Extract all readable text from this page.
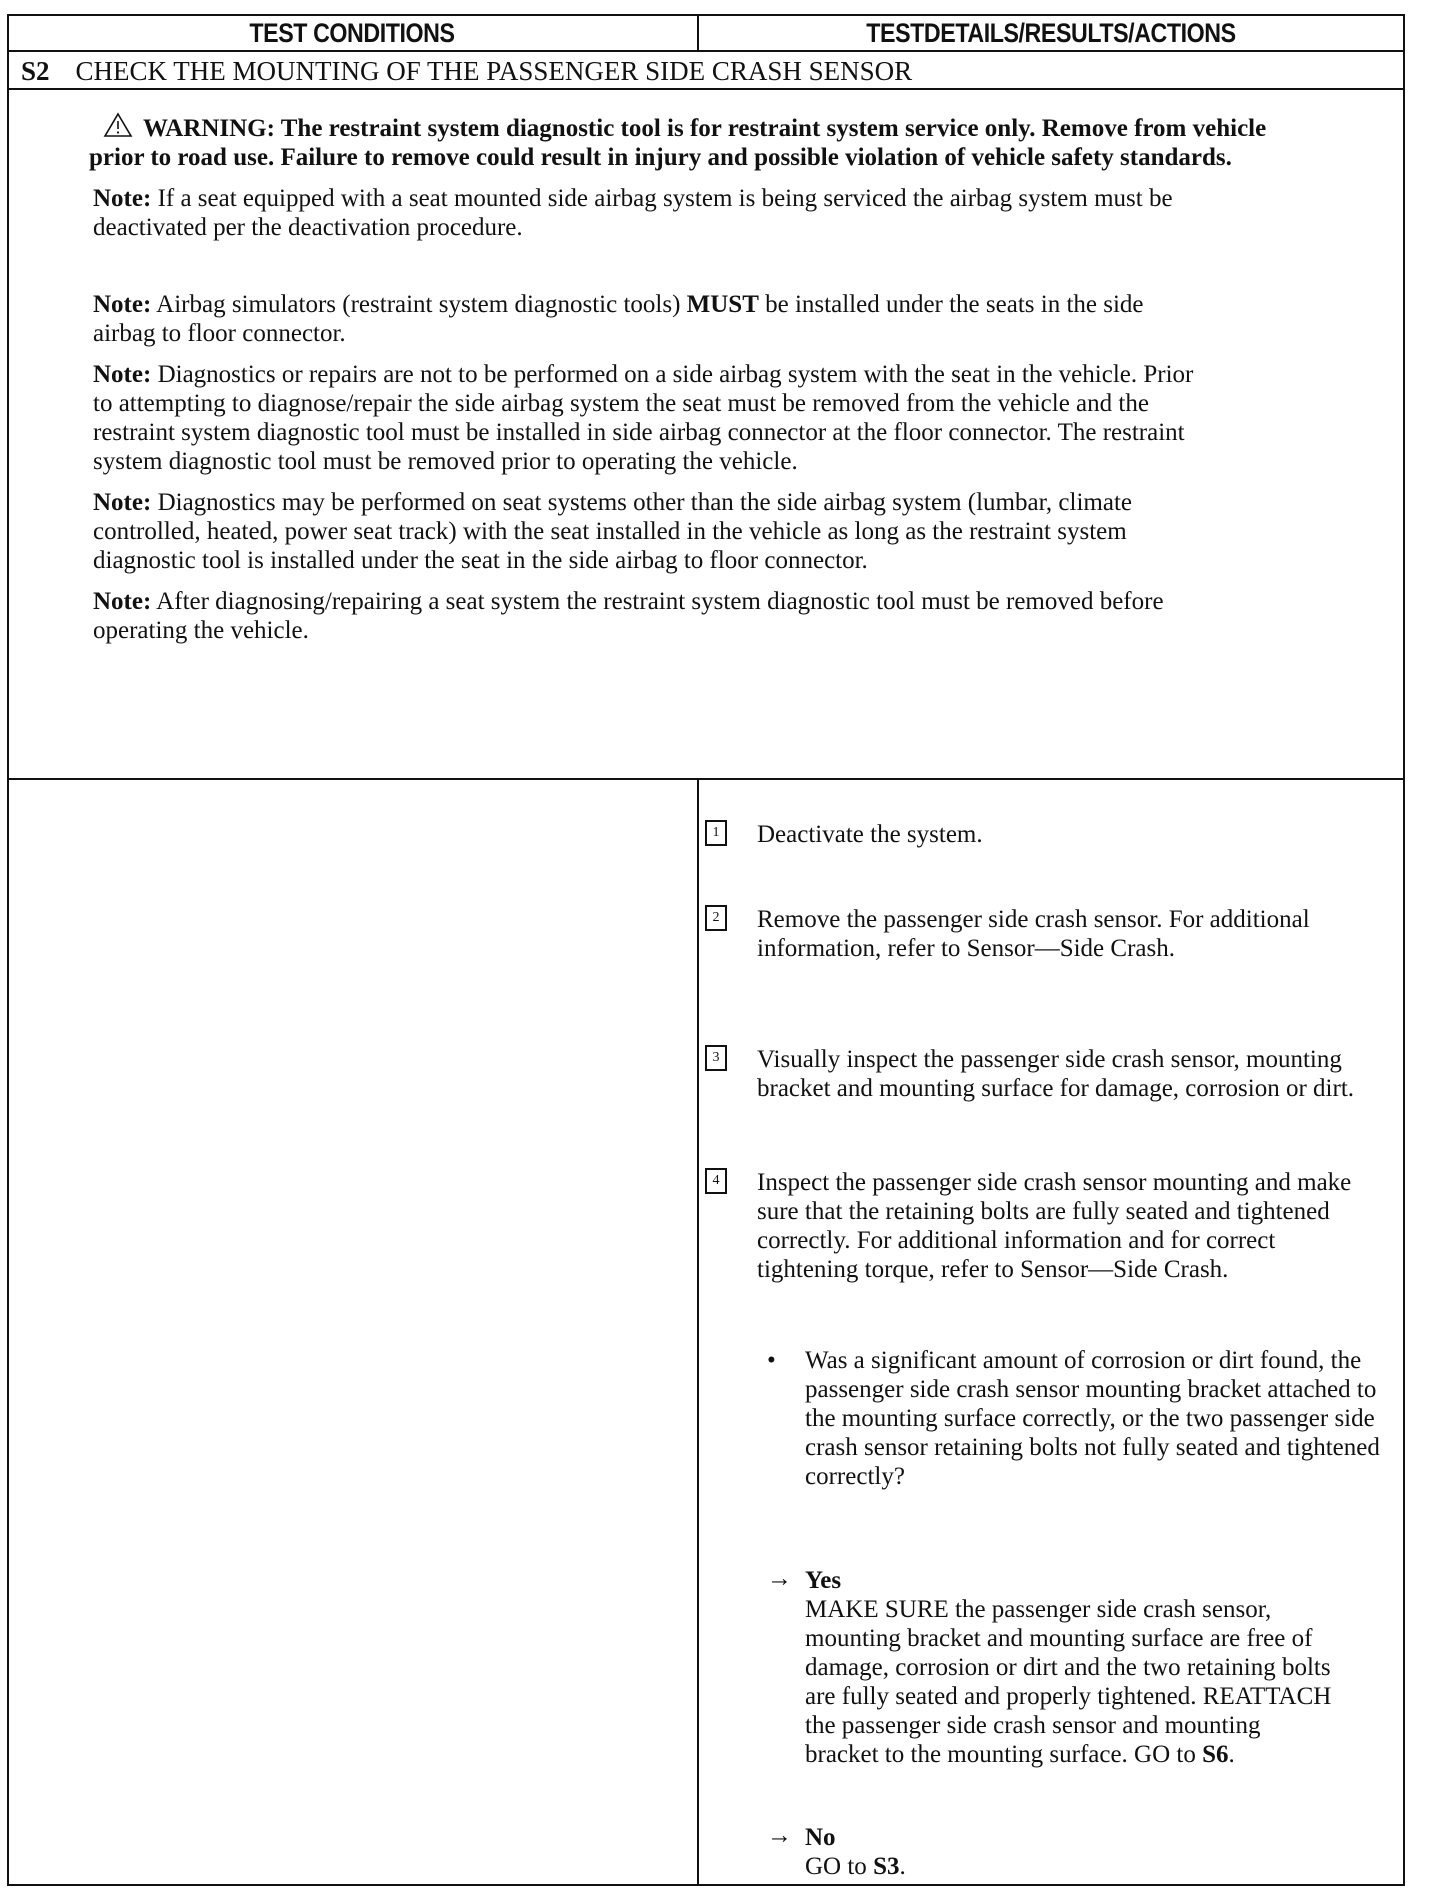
TEST CONDITIONS	TESTDETAILS/RESULTS/ACTIONS
S2 CHECK THE MOUNTING OF THE PASSENGER SIDE CRASH SENSOR

WARNING: The restraint system diagnostic tool is for restraint system service only. Remove from vehicle prior to road use. Failure to remove could result in injury and possible violation of vehicle safety standards.

Note: If a seat equipped with a seat mounted side airbag system is being serviced the airbag system must be deactivated per the deactivation procedure.

Note: Airbag simulators (restraint system diagnostic tools) MUST be installed under the seats in the side airbag to floor connector.

Note: Diagnostics or repairs are not to be performed on a side airbag system with the seat in the vehicle. Prior to attempting to diagnose/repair the side airbag system the seat must be removed from the vehicle and the restraint system diagnostic tool must be installed in side airbag connector at the floor connector. The restraint system diagnostic tool must be removed prior to operating the vehicle.

Note: Diagnostics may be performed on seat systems other than the side airbag system (lumbar, climate controlled, heated, power seat track) with the seat installed in the vehicle as long as the restraint system diagnostic tool is installed under the seat in the side airbag to floor connector.

Note: After diagnosing/repairing a seat system the restraint system diagnostic tool must be removed before operating the vehicle.

1	Deactivate the system.
2	Remove the passenger side crash sensor. For additional information, refer to Sensor—Side Crash.
3	Visually inspect the passenger side crash sensor, mounting bracket and mounting surface for damage, corrosion or dirt.
4	Inspect the passenger side crash sensor mounting and make sure that the retaining bolts are fully seated and tightened correctly. For additional information and for correct tightening torque, refer to Sensor—Side Crash.
• Was a significant amount of corrosion or dirt found, the passenger side crash sensor mounting bracket attached to the mounting surface correctly, or the two passenger side crash sensor retaining bolts not fully seated and tightened correctly?
→ Yes
MAKE SURE the passenger side crash sensor, mounting bracket and mounting surface are free of damage, corrosion or dirt and the two retaining bolts are fully seated and properly tightened. REATTACH the passenger side crash sensor and mounting bracket to the mounting surface. GO to S6.
→ No
GO to S3.
